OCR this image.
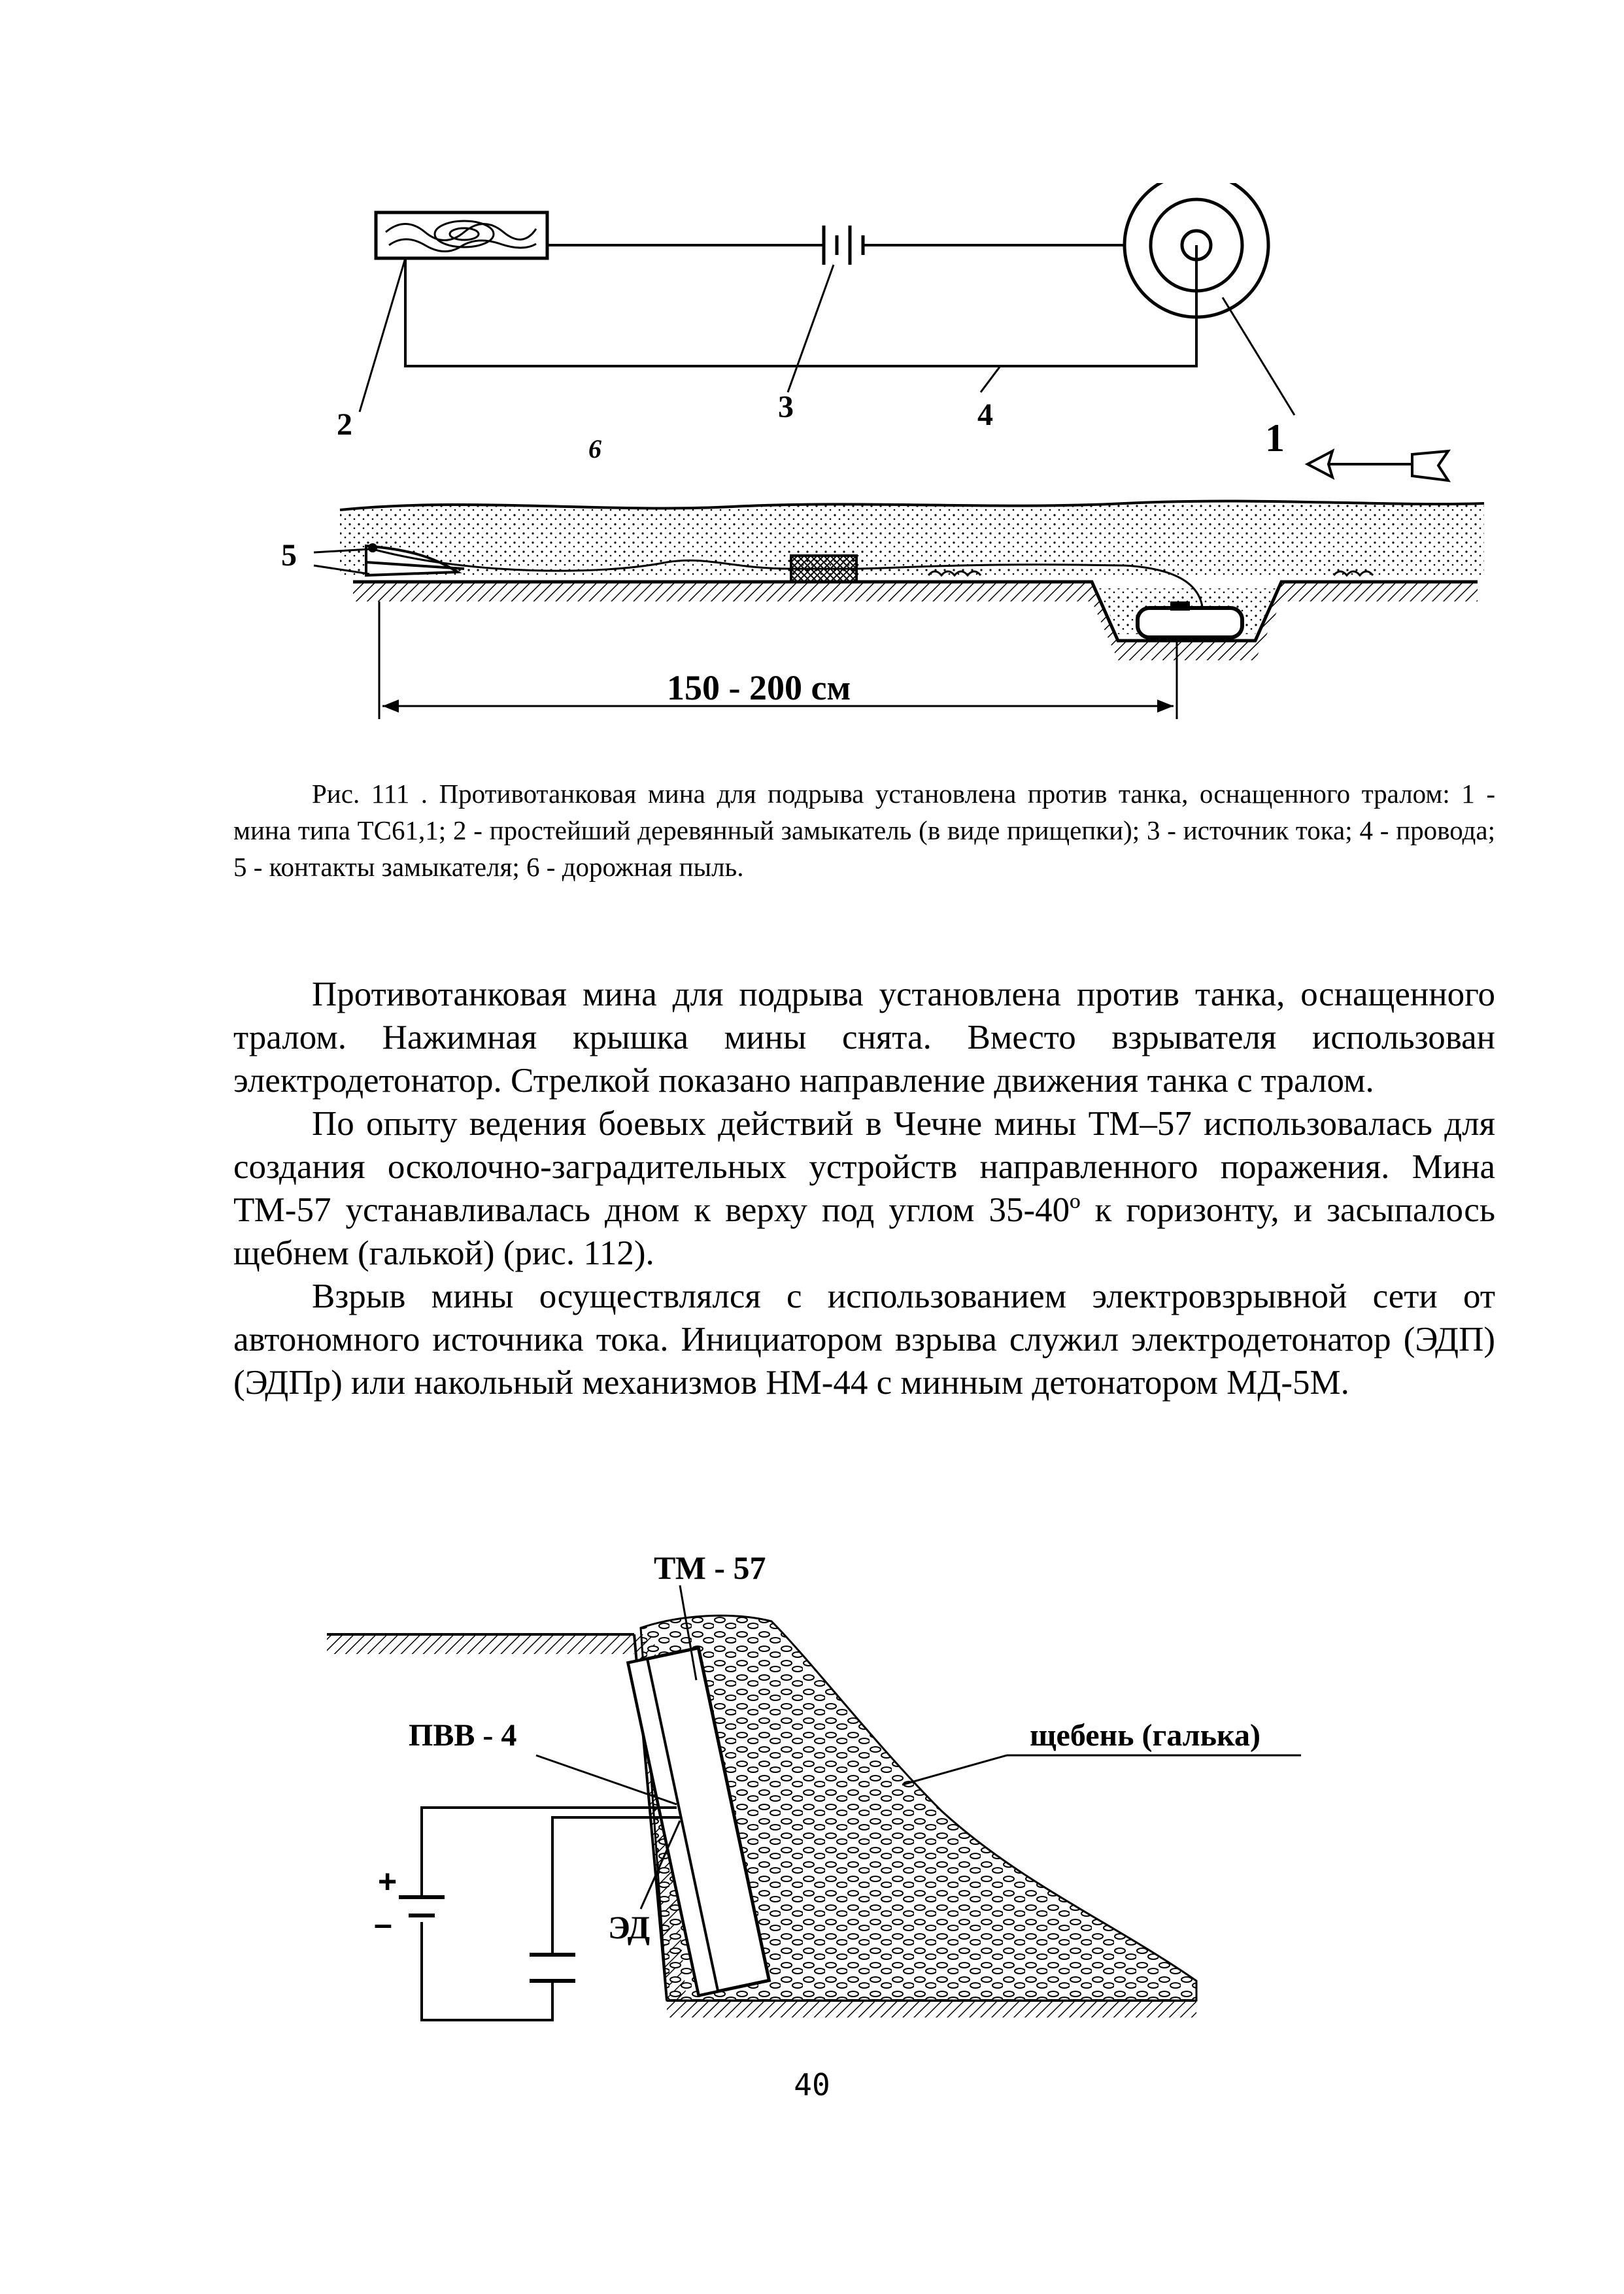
2
3	4
1
6
5
150 - 200 см

Рис. 111 . Противотанковая мина для подрыва установлена против танка, оснащенного тралом: 1 - мина типа ТС61,1; 2 - простейший деревянный замыкатель (в виде прищепки); 3 - источник тока; 4 - провода; 5 - контакты замыкателя; 6 - дорожная пыль.

Противотанковая мина для подрыва установлена против танка, оснащенного тралом. Нажимная крышка мины снята. Вместо взрывателя использован электродетонатор. Стрелкой показано направление движения танка с тралом.

По опыту ведения боевых действий в Чечне мины ТМ–57 использовалась для создания осколочно-заградительных устройств направленного поражения. Мина ТМ-57 устанавливалась дном к верху под углом 35-40º к горизонту, и засыпалось щебнем (галькой) (рис. 112).

Взрыв мины осуществлялся с использованием электровзрывной сети от автономного источника тока. Инициатором взрыва служил электродетонатор (ЭДП) (ЭДПр) или накольный механизмов НМ-44 с минным детонатором МД-5М.

ТМ - 57
щебень (галька)
ПВВ - 4
ЭД
+
–
40
